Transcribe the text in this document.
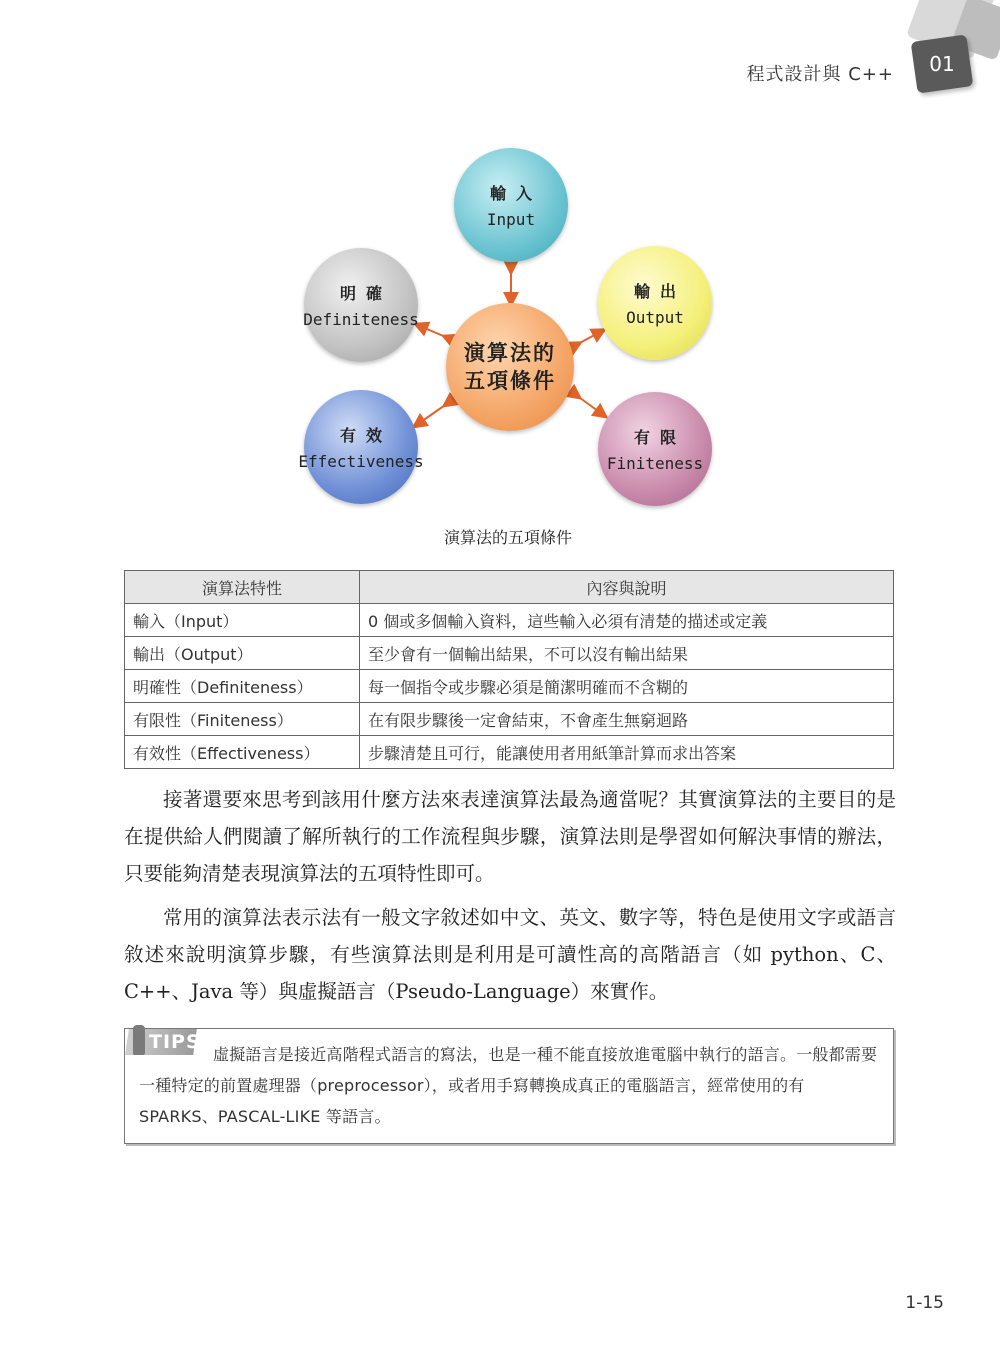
程式設計與 C++	01
演算法的
五項條件
輸入
Input
輸出
Output
有限
Finiteness
有效
Effectiveness
明確
Definiteness
演算法的五項條件
演算法特性	內容與說明
輸入（Input）	0 個或多個輸入資料，這些輸入必須有清楚的描述或定義
輸出（Output）	至少會有一個輸出結果，不可以沒有輸出結果
明確性（Definiteness）	每一個指令或步驟必須是簡潔明確而不含糊的
有限性（Finiteness）	在有限步驟後一定會結束，不會產生無窮迴路
有效性（Effectiveness）	步驟清楚且可行，能讓使用者用紙筆計算而求出答案

接著還要來思考到該用什麼方法來表達演算法最為適當呢？其實演算法的主要目的是在提供給人們閱讀了解所執行的工作流程與步驟，演算法則是學習如何解決事情的辦法，只要能夠清楚表現演算法的五項特性即可。

常用的演算法表示法有一般文字敘述如中文、英文、數字等，特色是使用文字或語言敘述來說明演算步驟，有些演算法則是利用是可讀性高的高階語言（如 python、C、C++、Java 等）與虛擬語言（Pseudo-Language）來實作。

TIPS
虛擬語言是接近高階程式語言的寫法，也是一種不能直接放進電腦中執行的語言。一般都需要一種特定的前置處理器（preprocessor），或者用手寫轉換成真正的電腦語言，經常使用的有 SPARKS、PASCAL-LIKE 等語言。
1-15
